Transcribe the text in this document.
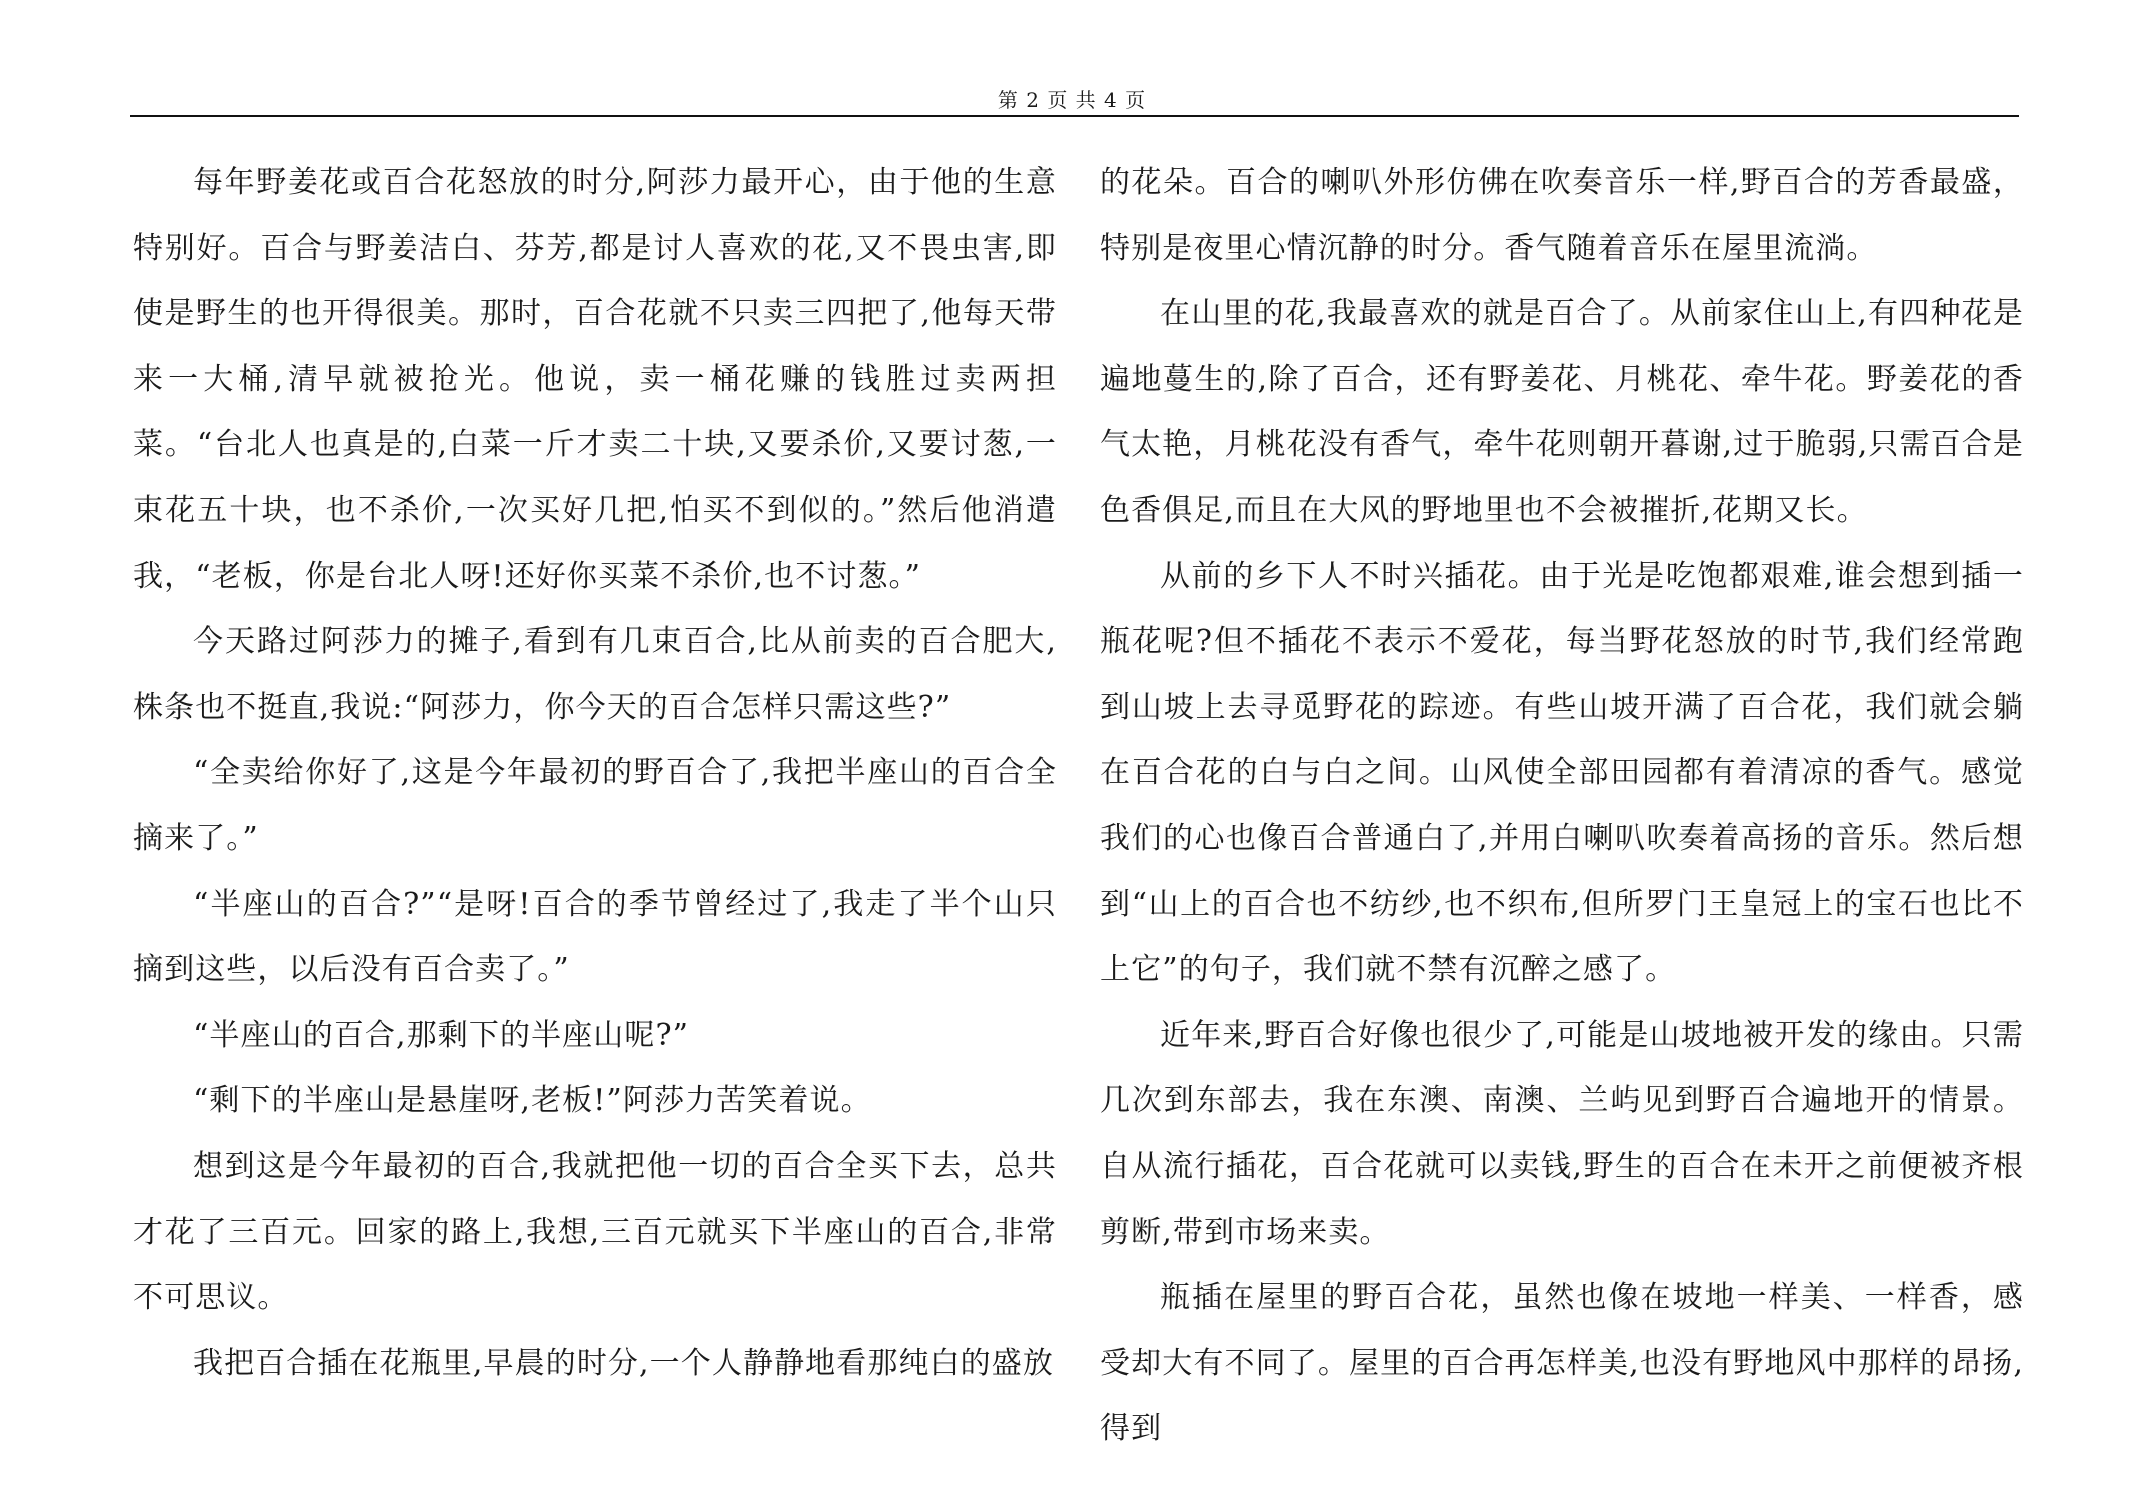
第 2 页 共 4 页

每年野姜花或百合花怒放的时分,阿莎力最开心，由于他的生意特别好。百合与野姜洁白、芬芳,都是讨人喜欢的花,又不畏虫害,即使是野生的也开得很美。那时，百合花就不只卖三四把了,他每天带来一大桶,清早就被抢光。他说，卖一桶花赚的钱胜过卖两担菜。“台北人也真是的,白菜一斤才卖二十块,又要杀价,又要讨葱,一束花五十块，也不杀价,一次买好几把,怕买不到似的。”然后他消遣我，“老板，你是台北人呀!还好你买菜不杀价,也不讨葱。”

今天路过阿莎力的摊子,看到有几束百合,比从前卖的百合肥大,株条也不挺直,我说:“阿莎力，你今天的百合怎样只需这些?”

“全卖给你好了,这是今年最初的野百合了,我把半座山的百合全摘来了。”

“半座山的百合?”“是呀!百合的季节曾经过了,我走了半个山只摘到这些，以后没有百合卖了。”

“半座山的百合,那剩下的半座山呢?”

“剩下的半座山是悬崖呀,老板!”阿莎力苦笑着说。

想到这是今年最初的百合,我就把他一切的百合全买下去，总共才花了三百元。回家的路上,我想,三百元就买下半座山的百合,非常不可思议。

我把百合插在花瓶里,早晨的时分,一个人静静地看那纯白的盛放

的花朵。百合的喇叭外形仿佛在吹奏音乐一样,野百合的芳香最盛，特别是夜里心情沉静的时分。香气随着音乐在屋里流淌。

在山里的花,我最喜欢的就是百合了。从前家住山上,有四种花是遍地蔓生的,除了百合，还有野姜花、月桃花、牵牛花。野姜花的香气太艳，月桃花没有香气，牵牛花则朝开暮谢,过于脆弱,只需百合是色香俱足,而且在大风的野地里也不会被摧折,花期又长。

从前的乡下人不时兴插花。由于光是吃饱都艰难,谁会想到插一瓶花呢?但不插花不表示不爱花，每当野花怒放的时节,我们经常跑到山坡上去寻觅野花的踪迹。有些山坡开满了百合花，我们就会躺在百合花的白与白之间。山风使全部田园都有着清凉的香气。感觉我们的心也像百合普通白了,并用白喇叭吹奏着高扬的音乐。然后想到“山上的百合也不纺纱,也不织布,但所罗门王皇冠上的宝石也比不上它”的句子，我们就不禁有沉醉之感了。

近年来,野百合好像也很少了,可能是山坡地被开发的缘由。只需几次到东部去，我在东澳、南澳、兰屿见到野百合遍地开的情景。自从流行插花，百合花就可以卖钱,野生的百合在未开之前便被齐根剪断,带到市场来卖。

瓶插在屋里的野百合花，虽然也像在坡地一样美、一样香，感受却大有不同了。屋里的百合再怎样美,也没有野地风中那样的昂扬,得到
